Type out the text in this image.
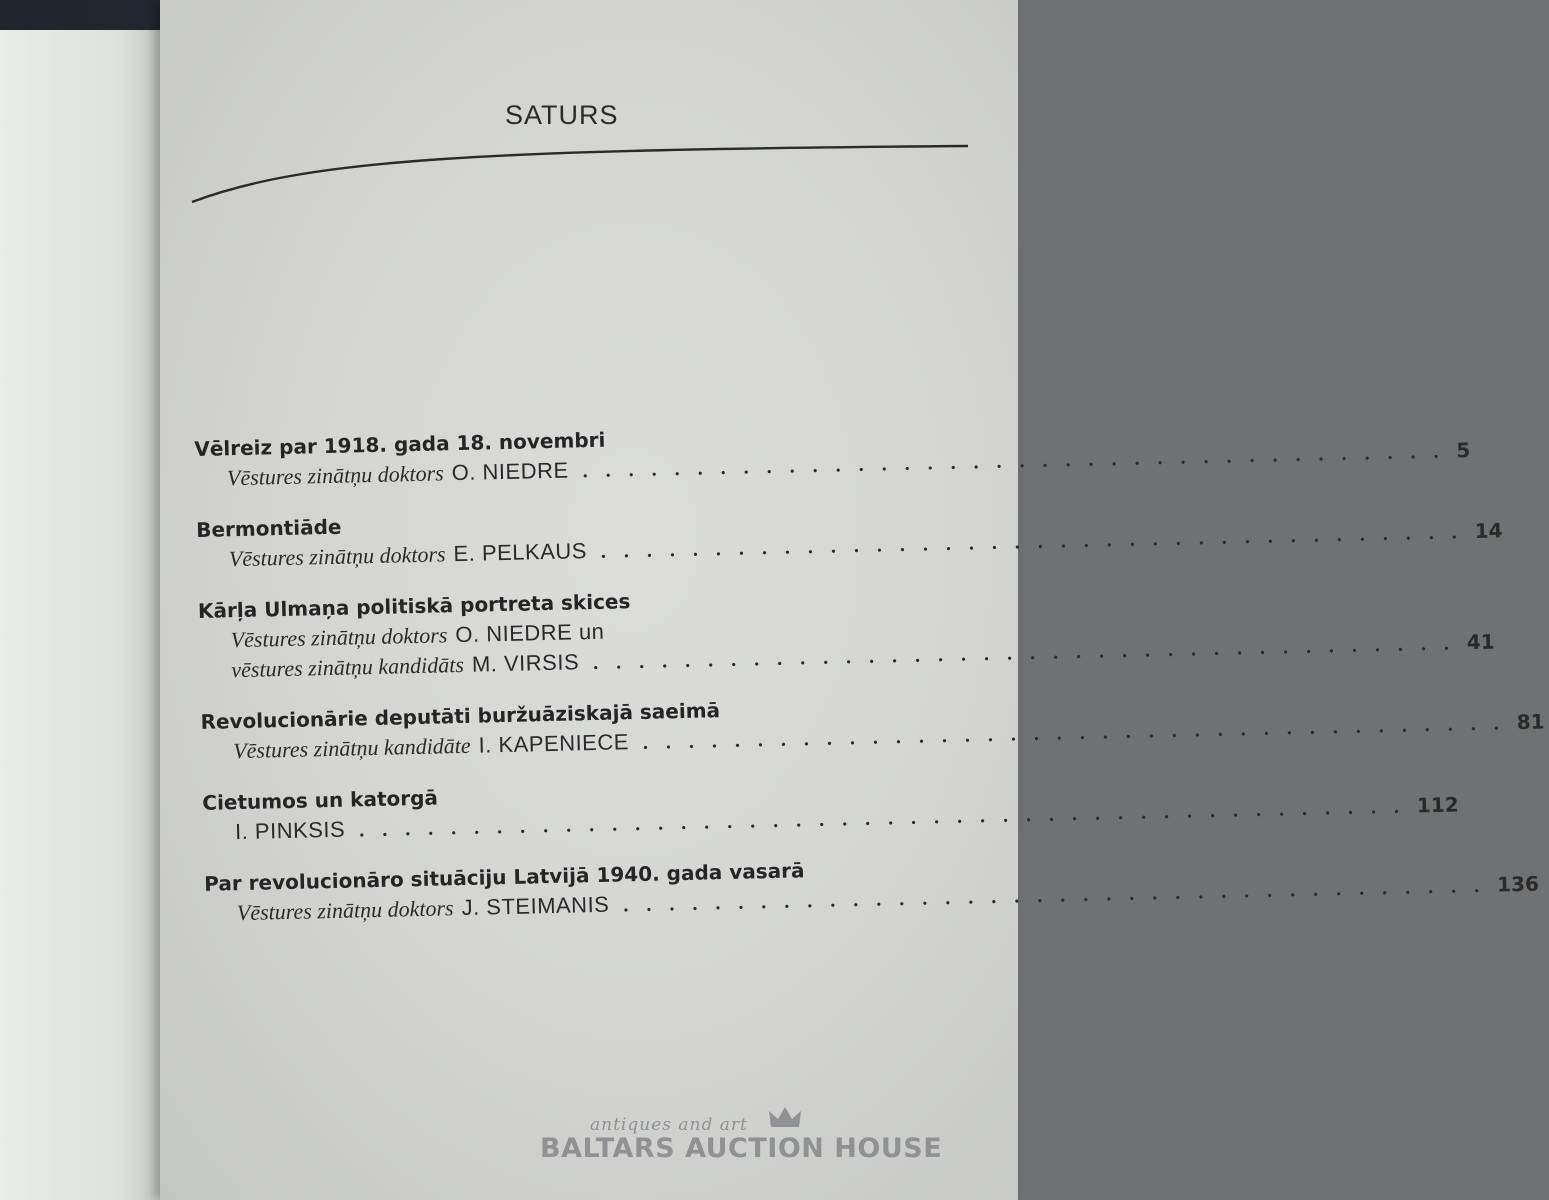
SATURS
Vēlreiz par 1918. gada 18. novembri
Vēstures zinātņu doktors O. NIEDRE ...................................... 5
Bermontiāde
Vēstures zinātņu doktors E. PELKAUS ...................................... 14
Kārļa Ulmaņa politiskā portreta skices
Vēstures zinātņu doktors O. NIEDRE un
vēstures zinātņu kandidāts M. VIRSIS ...................................... 41
Revolucionārie deputāti buržuāziskajā saeimā
Vēstures zinātņu kandidāte I. KAPENIECE ...................................... 81
Cietumos un katorgā
I. PINKSIS .............................................. 112
Par revolucionāro situāciju Latvijā 1940. gada vasarā
Vēstures zinātņu doktors J. STEIMANIS ...................................... 136
antiques and art
BALTARS AUCTION HOUSE
